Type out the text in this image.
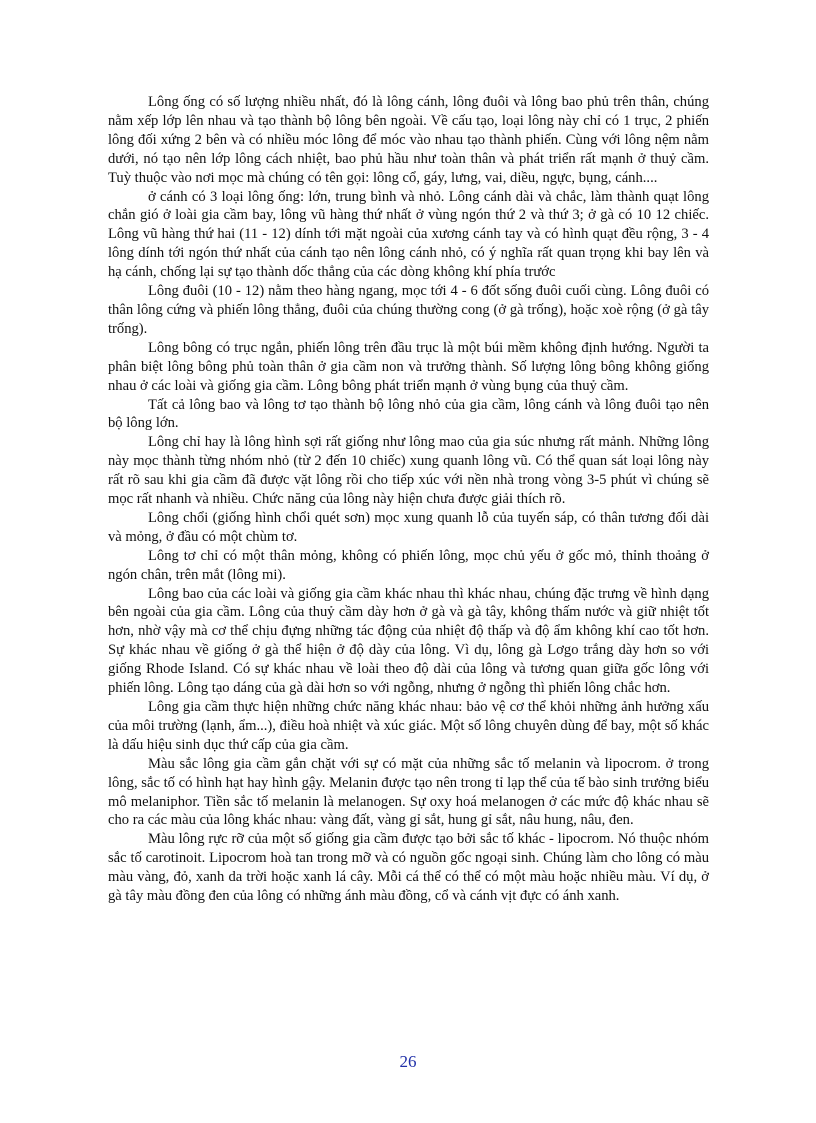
Lông ống có số lượng nhiều nhất, đó là lông cánh, lông đuôi và lông bao phủ trên thân, chúng nằm xếp lớp lên nhau và tạo thành bộ lông bên ngoài. Về cấu tạo, loại lông này chỉ có 1 trục, 2 phiến lông đối xứng 2 bên và có nhiều móc lông để móc vào nhau tạo thành phiến. Cùng với lông nệm nằm dưới, nó tạo nên lớp lông cách nhiệt, bao phủ hầu như toàn thân và phát triển rất mạnh ở thuỷ cầm. Tuỳ thuộc vào nơi mọc mà chúng có tên gọi: lông cổ, gáy, lưng, vai, diều, ngực, bụng, cánh....

ở cánh có 3 loại lông ống: lớn, trung bình và nhỏ. Lông cánh dài và chắc, làm thành quạt lông chắn gió ở loài gia cầm bay, lông vũ hàng thứ nhất ở vùng ngón thứ 2 và thứ 3; ở gà có 10 12 chiếc. Lông vũ hàng thứ hai (11 - 12) dính tới mặt ngoài của xương cánh tay và có hình quạt đều rộng, 3 - 4 lông dính tới ngón thứ nhất của cánh tạo nên lông cánh nhỏ, có ý nghĩa rất quan trọng khi bay lên và hạ cánh, chống lại sự tạo thành dốc thẳng của các dòng không khí phía trước

Lông đuôi (10 - 12) nằm theo hàng ngang, mọc tới 4 - 6 đốt sống đuôi cuối cùng. Lông đuôi có thân lông cứng và phiến lông thẳng, đuôi của chúng thường cong (ở gà trống), hoặc xoè rộng (ở gà tây trống).

Lông bông có trục ngắn, phiến lông trên đầu trục là một búi mềm không định hướng. Người ta phân biệt lông bông phủ toàn thân ở gia cầm non và trưởng thành. Số lượng lông bông không giống nhau ở các loài và giống gia cầm. Lông bông phát triển mạnh ở vùng bụng của thuỷ cầm.

Tất cả lông bao và lông tơ tạo thành bộ lông nhỏ của gia cầm, lông cánh và lông đuôi tạo nên bộ lông lớn.

Lông chỉ hay là lông hình sợi rất giống như lông mao của gia súc nhưng rất mảnh. Những lông này mọc thành từng nhóm nhỏ (từ 2 đến 10 chiếc) xung quanh lông vũ. Có thể quan sát loại lông này rất rõ sau khi gia cầm đã được vặt lông rồi cho tiếp xúc với nền nhà trong vòng 3-5 phút vì chúng sẽ mọc rất nhanh và nhiều. Chức năng của lông này hiện chưa được giải thích rõ.

Lông chổi (giống hình chổi quét sơn) mọc xung quanh lỗ của tuyến sáp, có thân tương đối dài và mỏng, ở đầu có một chùm tơ.

Lông tơ chỉ có một thân mỏng, không có phiến lông, mọc chủ yếu ở gốc mỏ, thỉnh thoảng ở ngón chân, trên mắt (lông mi).

Lông bao của các loài và giống gia cầm khác nhau thì khác nhau, chúng đặc trưng về hình dạng bên ngoài của gia cầm. Lông của thuỷ cầm dày hơn ở gà và gà tây, không thấm nước và giữ nhiệt tốt hơn, nhờ vậy mà cơ thể chịu đựng những tác động của nhiệt độ thấp và độ ẩm không khí cao tốt hơn. Sự khác nhau về giống ở gà thể hiện ở độ dày của lông. Vì dụ, lông gà Lơgo trắng dày hơn so với giống Rhode Island. Có sự khác nhau về loài theo độ dài của lông và tương quan giữa gốc lông với phiến lông. Lông tạo dáng của gà dài hơn so với ngỗng, nhưng ở ngỗng thì phiến lông chắc hơn.

Lông gia cầm thực hiện những chức năng khác nhau: bảo vệ cơ thể khỏi những ảnh hưởng xấu của môi trường (lạnh, ẩm...), điều hoà nhiệt và xúc giác. Một số lông chuyên dùng để bay, một số khác là dấu hiệu sinh dục thứ cấp của gia cầm.

Màu sắc lông gia cầm gắn chặt với sự có mặt của những sắc tố melanin và lipocrom. ở trong lông, sắc tố có hình hạt hay hình gậy. Melanin được tạo nên trong tỉ lạp thể của tế bào sinh trưởng biểu mô melaniphor. Tiền sắc tố melanin là melanogen. Sự oxy hoá melanogen ở các mức độ khác nhau sẽ cho ra các màu của lông khác nhau: vàng đất, vàng gỉ sắt, hung gỉ sắt, nâu hung, nâu, đen.

Màu lông rực rỡ của một số giống gia cầm được tạo bởi sắc tố khác - lipocrom. Nó thuộc nhóm sắc tố carotinoit. Lipocrom hoà tan trong mỡ và có nguồn gốc ngoại sinh. Chúng làm cho lông có màu màu vàng, đỏ, xanh da trời hoặc xanh lá cây. Mỗi cá thể có thể có một màu hoặc nhiều màu. Ví dụ, ở gà tây màu đồng đen của lông có những ánh màu đồng, cổ và cánh vịt đực có ánh xanh.

26
